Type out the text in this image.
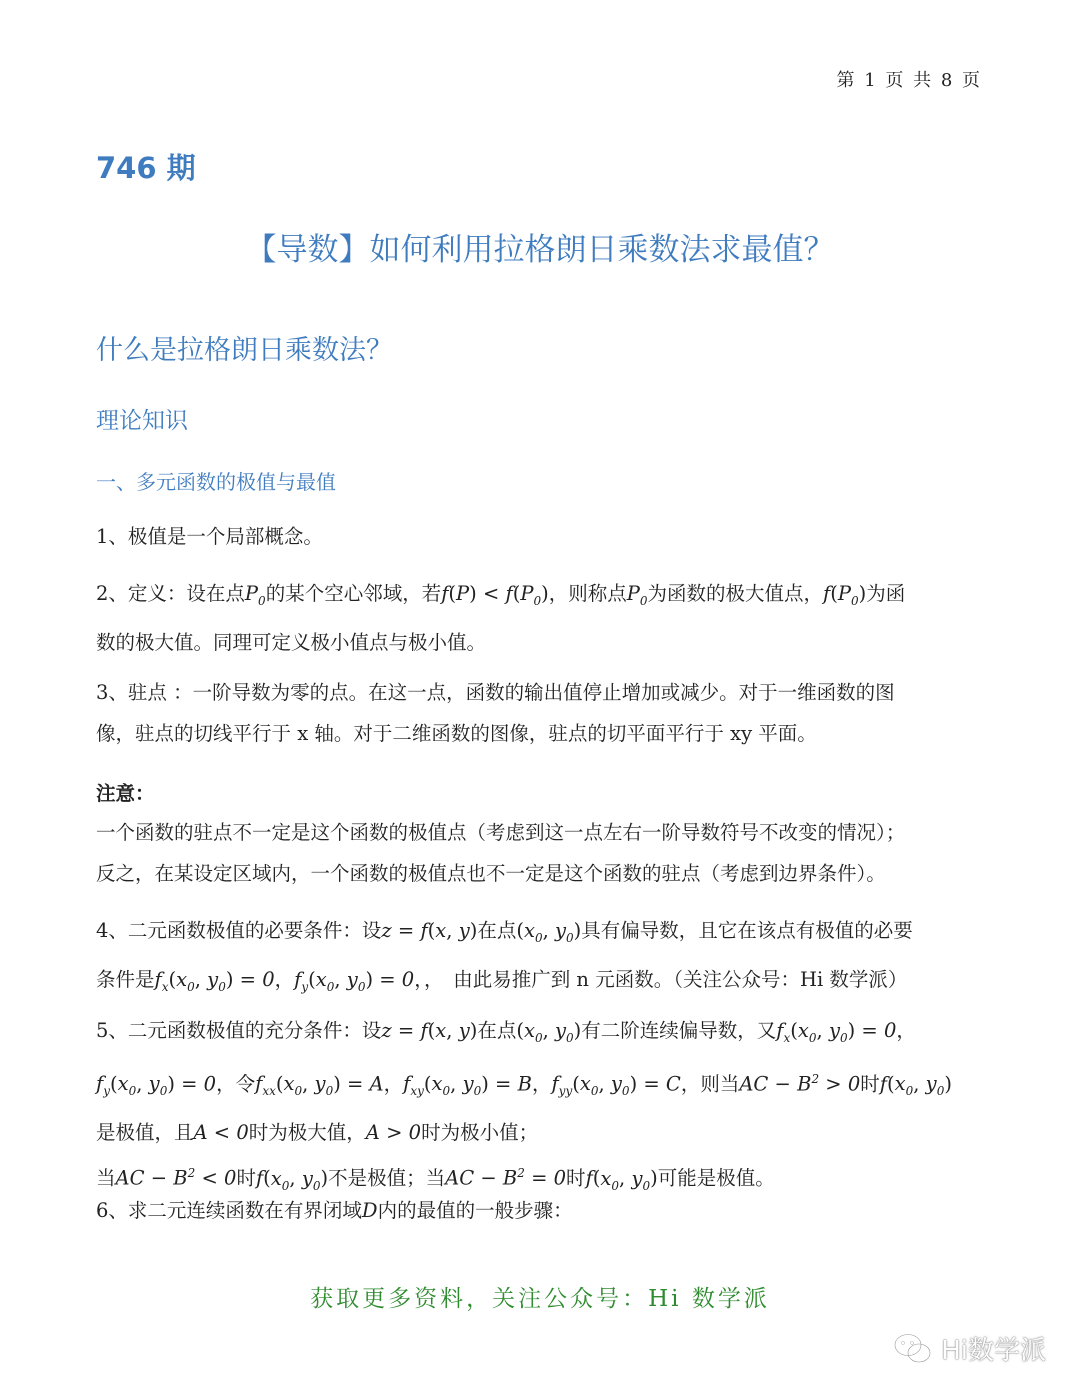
第 1 页 共 8 页
746 期
【导数】如何利用拉格朗日乘数法求最值？
什么是拉格朗日乘数法？
理论知识
一、多元函数的极值与最值
1、极值是一个局部概念。
2、定义：设在点$P_0$的某个空心邻域，若$f(P) < f(P_0)$，则称点$P_0$为函数的极大值点，$f(P_0)$为函
数的极大值。同理可定义极小值点与极小值。
3、驻点 ：一阶导数为零的点。在这一点，函数的输出值停止增加或减少。对于一维函数的图
像，驻点的切线平行于 x 轴。对于二维函数的图像，驻点的切平面平行于 xy 平面。
注意：
一个函数的驻点不一定是这个函数的极值点（考虑到这一点左右一阶导数符号不改变的情况）；
反之，在某设定区域内，一个函数的极值点也不一定是这个函数的驻点（考虑到边界条件）。
4、二元函数极值的必要条件：设z = f(x, y)在点($x_0$, $y_0$)具有偏导数，且它在该点有极值的必要
条件是$f_x(x_0$, $y_0) = 0$，$f_y(x_0$, $y_0) = 0$，，　由此易推广到 n 元函数。（关注公众号：Hi 数学派）
5、二元函数极值的充分条件：设z = f(x, y)在点($x_0$, $y_0$)有二阶连续偏导数，又$f_x(x_0$, $y_0) = 0$，
$f_y(x_0$, $y_0) = 0$，令$f_{xx}(x_0$, $y_0) = A$，$f_{xy}(x_0$, $y_0) = B$，$f_{yy}(x_0$, $y_0) = C$，则当AC − $B^2 > 0$时$f(x_0$, $y_0$)
是极值，且A < 0时为极大值，A > 0时为极小值；
当AC − $B^2 < 0$时$f(x_0$, $y_0$)不是极值；当AC − $B^2 = 0$时$f(x_0$, $y_0$)可能是极值。
6、求二元连续函数在有界闭域D内的最值的一般步骤：
获取更多资料，关注公众号：Hi 数学派
Hi数学派
